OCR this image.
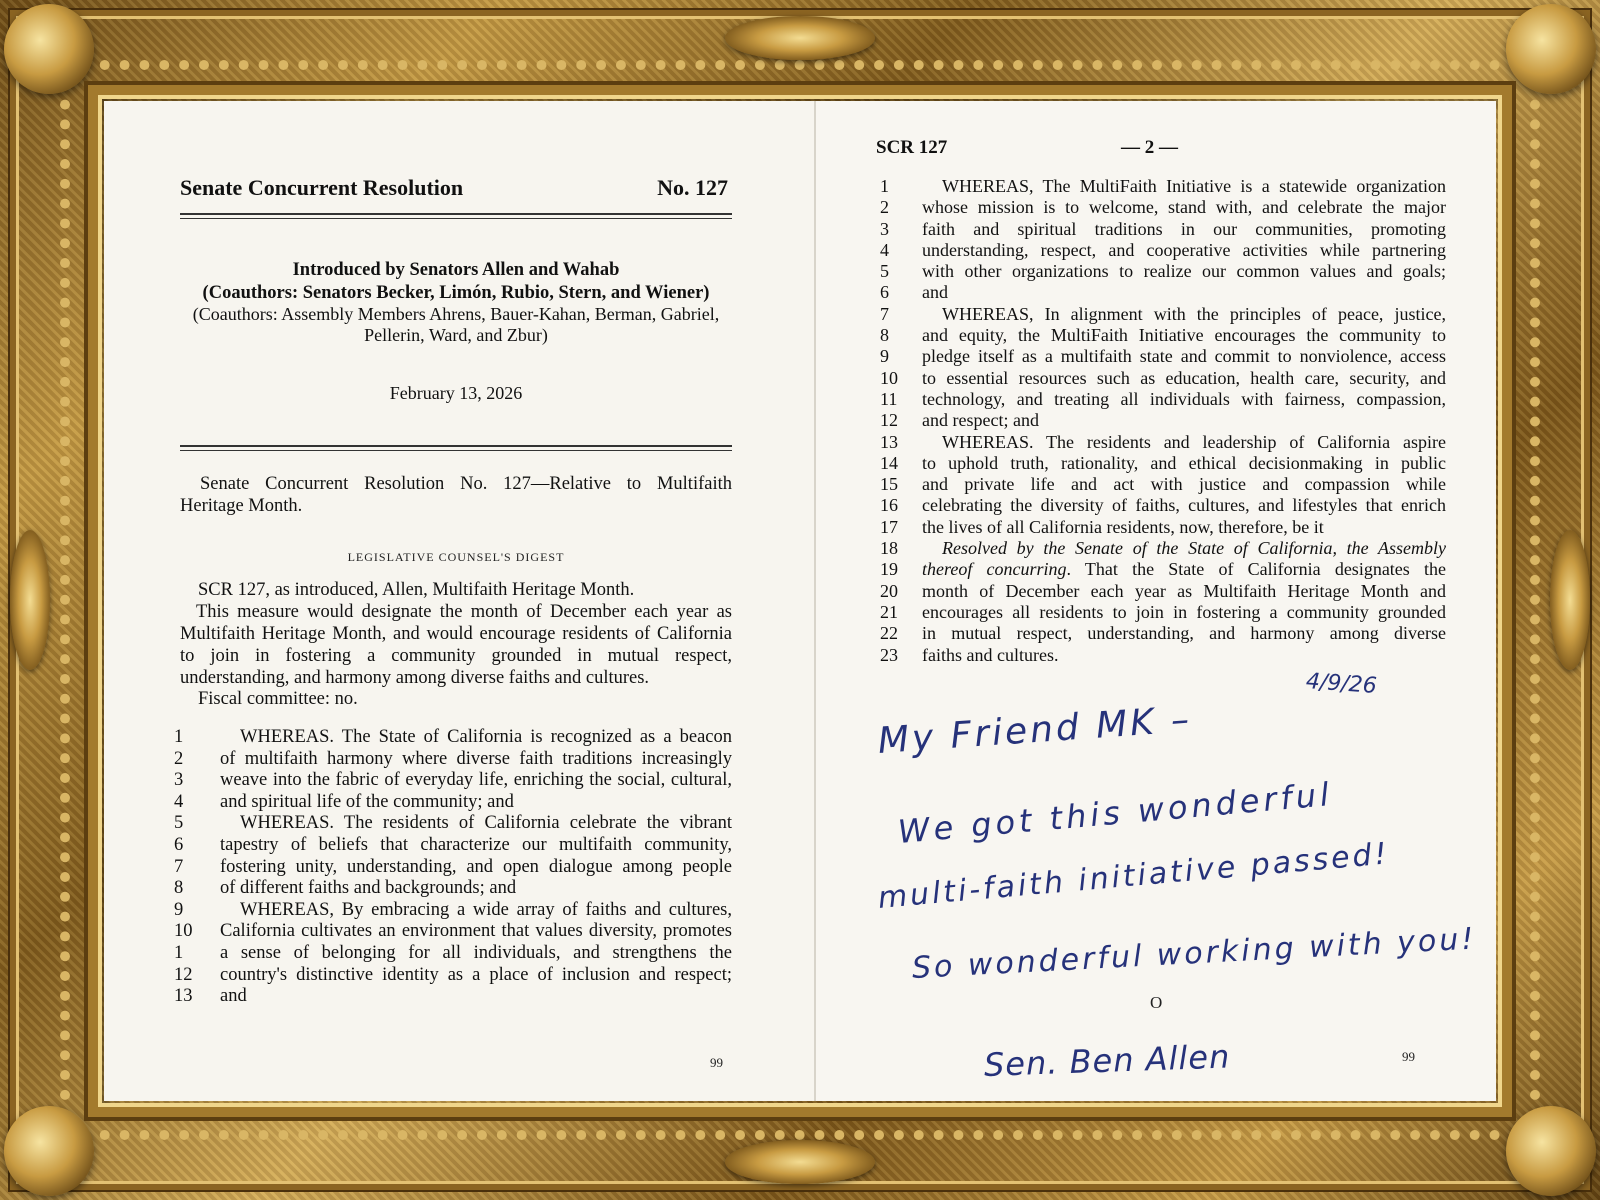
Senate Concurrent Resolution	No. 127
Introduced by Senators Allen and Wahab
(Coauthors: Senators Becker, Limón, Rubio, Stern, and Wiener)
(Coauthors: Assembly Members Ahrens, Bauer-Kahan, Berman, Gabriel,
Pellerin, Ward, and Zbur)
February 13, 2026
Senate Concurrent Resolution No. 127—Relative to Multifaith Heritage Month.
LEGISLATIVE COUNSEL'S DIGEST
SCR 127, as introduced, Allen, Multifaith Heritage Month.
This measure would designate the month of December each year as Multifaith Heritage Month, and would encourage residents of California to join in fostering a community grounded in mutual respect, understanding, and harmony among diverse faiths and cultures.
Fiscal committee: no.
1	WHEREAS. The State of California is recognized as a beacon
2	of multifaith harmony where diverse faith traditions increasingly
3	weave into the fabric of everyday life, enriching the social, cultural,
4	and spiritual life of the community; and
5	WHEREAS. The residents of California celebrate the vibrant
6	tapestry of beliefs that characterize our multifaith community,
7	fostering unity, understanding, and open dialogue among people
8	of different faiths and backgrounds; and
9	WHEREAS, By embracing a wide array of faiths and cultures,
10	California cultivates an environment that values diversity, promotes
1	a sense of belonging for all individuals, and strengthens the
12	country's distinctive identity as a place of inclusion and respect;
13	and
99
SCR 127	— 2 —
1	WHEREAS, The MultiFaith Initiative is a statewide organization
2	whose mission is to welcome, stand with, and celebrate the major
3	faith and spiritual traditions in our communities, promoting
4	understanding, respect, and cooperative activities while partnering
5	with other organizations to realize our common values and goals;
6	and
7	WHEREAS, In alignment with the principles of peace, justice,
8	and equity, the MultiFaith Initiative encourages the community to
9	pledge itself as a multifaith state and commit to nonviolence, access
10	to essential resources such as education, health care, security, and
11	technology, and treating all individuals with fairness, compassion,
12	and respect; and
13	WHEREAS. The residents and leadership of California aspire
14	to uphold truth, rationality, and ethical decisionmaking in public
15	and private life and act with justice and compassion while
16	celebrating the diversity of faiths, cultures, and lifestyles that enrich
17	the lives of all California residents, now, therefore, be it
18	Resolved by the Senate of the State of California, the Assembly
19	thereof concurring. That the State of California designates the
20	month of December each year as Multifaith Heritage Month and
21	encourages all residents to join in fostering a community grounded
22	in mutual respect, understanding, and harmony among diverse
23	faiths and cultures.
4/9/26
My Friend MK –
We got this wonderful
multi-faith initiative passed!
So wonderful working with you!
O
Sen. Ben Allen	99
